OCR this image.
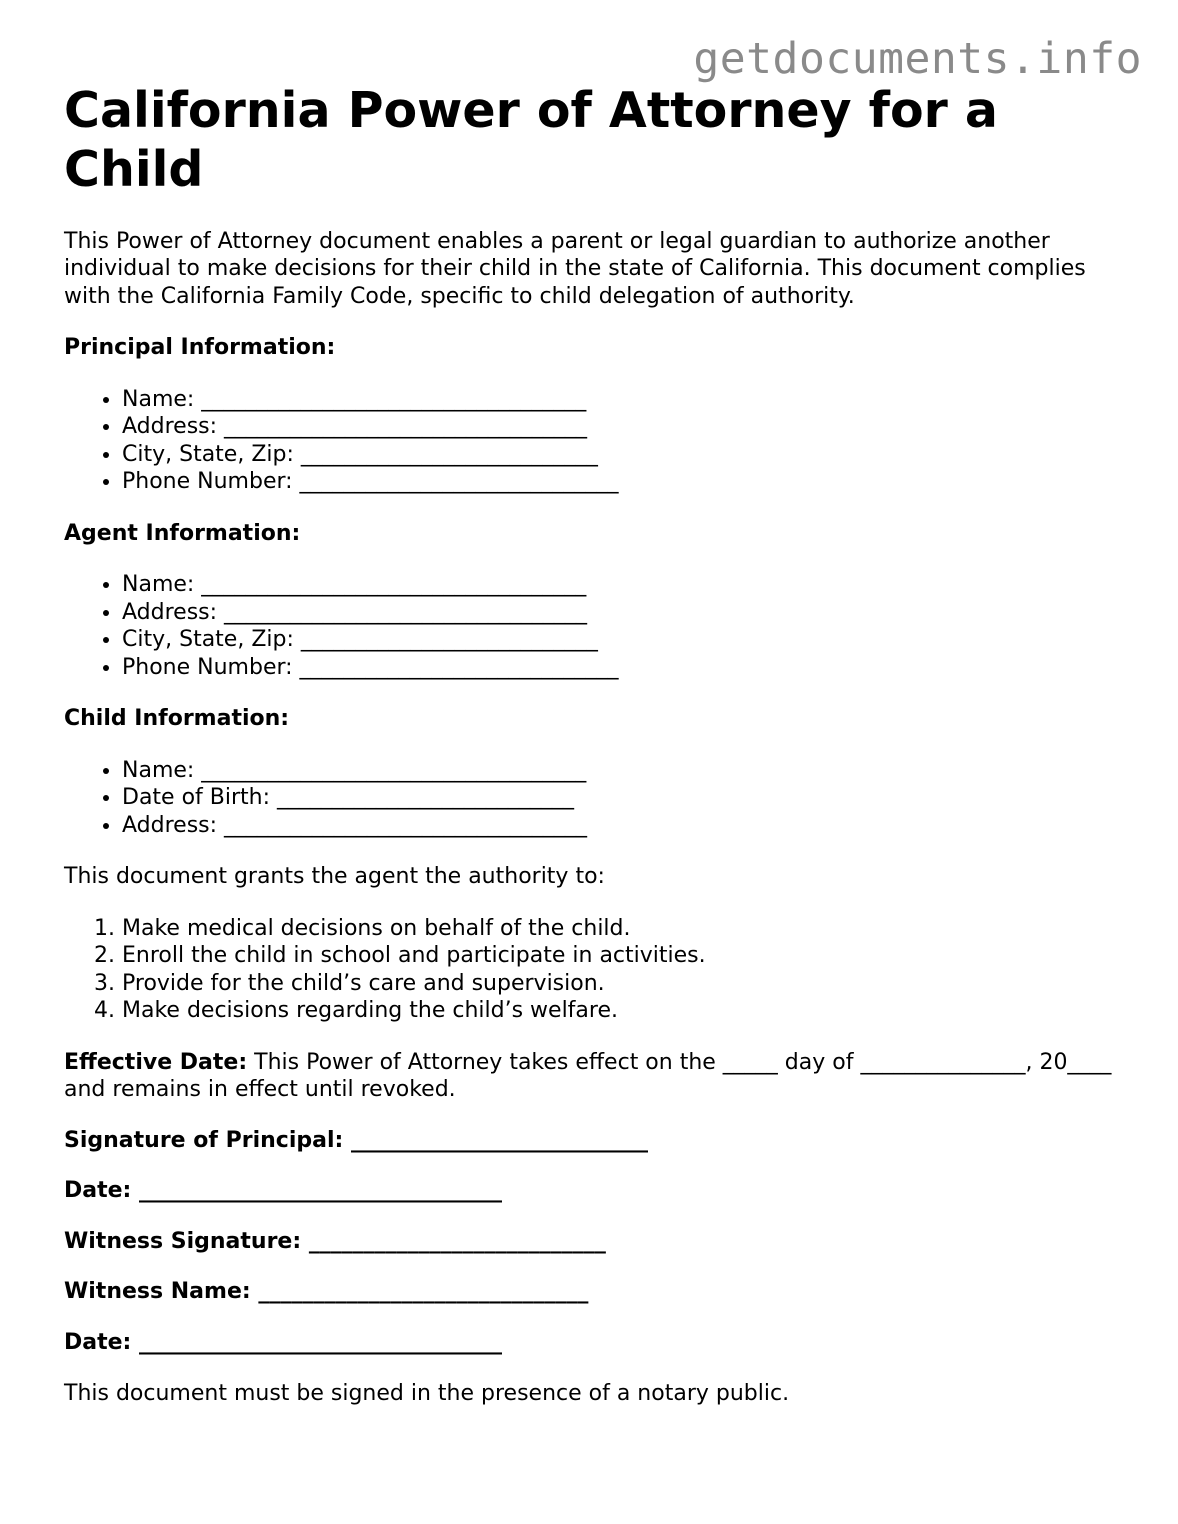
getdocuments.info
California Power of Attorney for a Child

This Power of Attorney document enables a parent or legal guardian to authorize another individual to make decisions for their child in the state of California. This document complies with the California Family Code, specific to child delegation of authority.

Principal Information:
• Name: ___________________________________
• Address: _________________________________
• City, State, Zip: ___________________________
• Phone Number: _____________________________
Agent Information:
• Name: ___________________________________
• Address: _________________________________
• City, State, Zip: ___________________________
• Phone Number: _____________________________
Child Information:
• Name: ___________________________________
• Date of Birth: ___________________________
• Address: _________________________________

This document grants the agent the authority to:

1. Make medical decisions on behalf of the child.
2. Enroll the child in school and participate in activities.
3. Provide for the child’s care and supervision.
4. Make decisions regarding the child’s welfare.

Effective Date: This Power of Attorney takes effect on the _____ day of _______________, 20____ and remains in effect until revoked.

Signature of Principal: ___________________________
Date: _________________________________
Witness Signature: ___________________________
Witness Name: ______________________________
Date: _________________________________

This document must be signed in the presence of a notary public.
